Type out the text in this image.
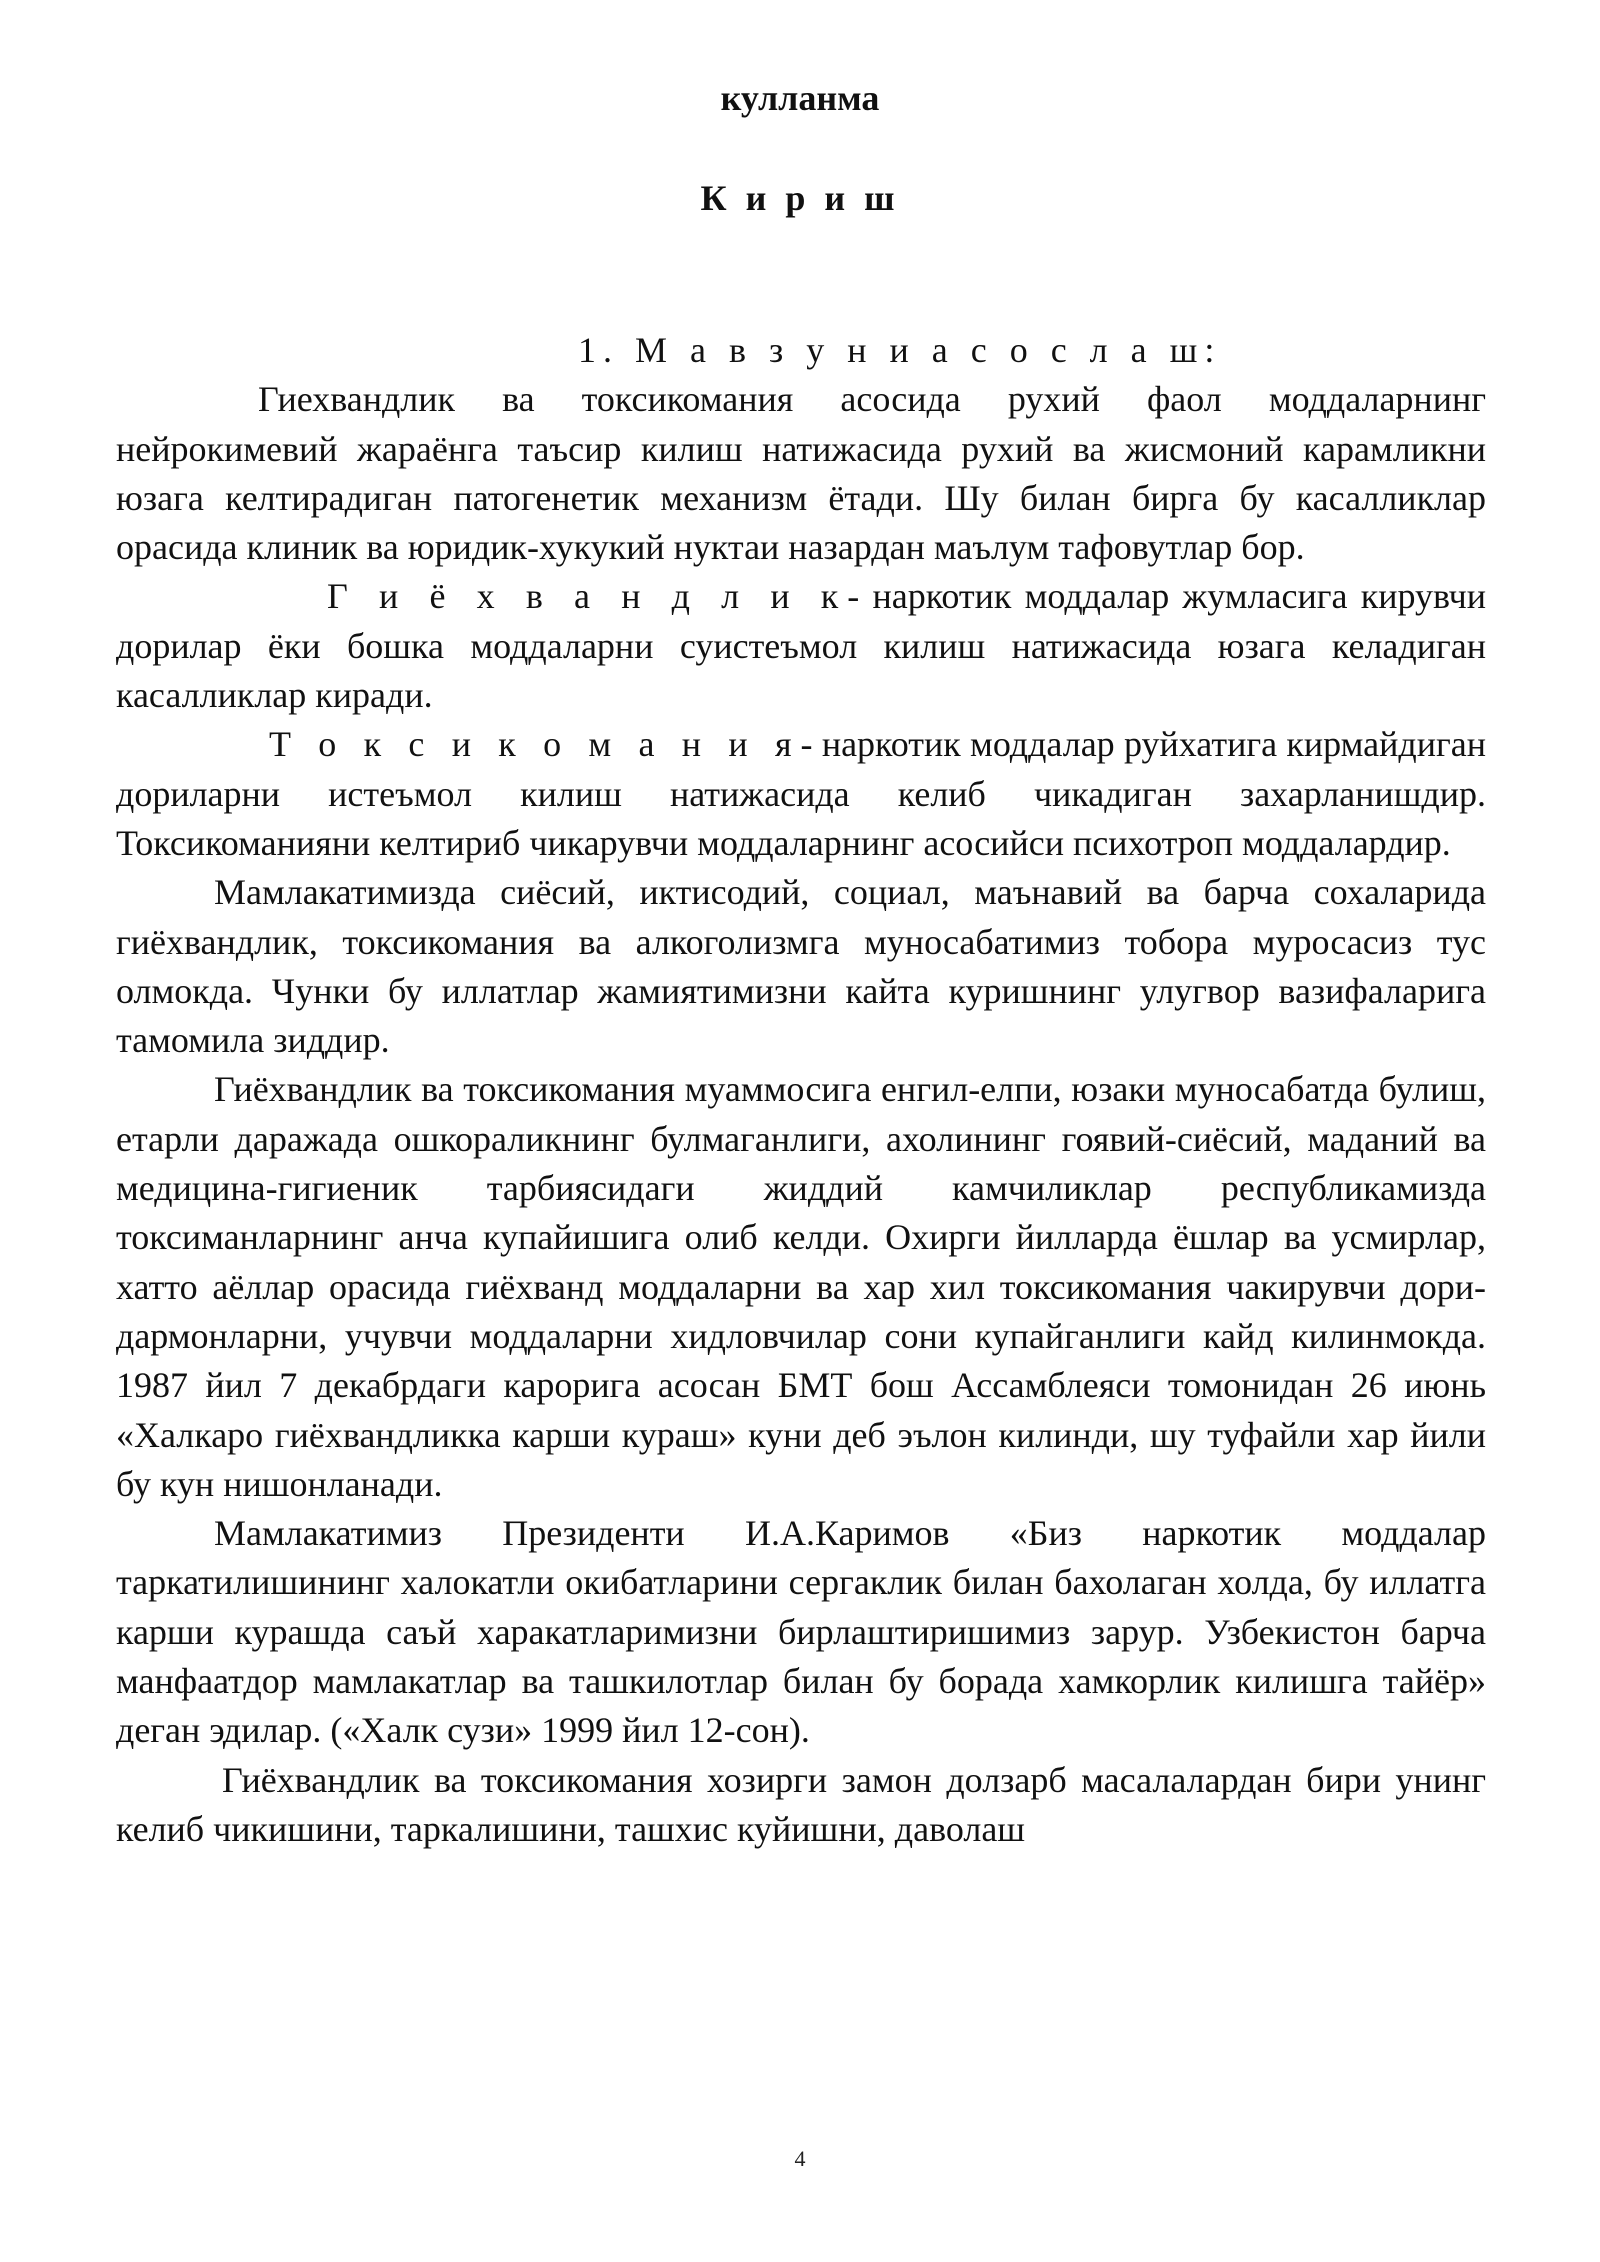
кулланма
К и р и ш
1. М а в з у н и а с о с л а ш:

Гиехвандлик ва токсикомания асосида рухий фаол моддаларнинг нейрокимевий жараёнга таъсир килиш натижасида рухий ва жисмоний карамликни юзага келтирадиган патогенетик механизм ётади. Шу билан бирга бу касалликлар орасида клиник ва юридик-хукукий нуктаи назардан маълум тафовутлар бор.

Г и ё х в а н д л и к- наркотик моддалар жумласига кирувчи дорилар ёки бошка моддаларни суистеъмол килиш натижасида юзага келадиган касалликлар киради.

Т о к с и к о м а н и я- наркотик моддалар руйхатига кирмайдиган дориларни истеъмол килиш натижасида келиб чикадиган захарланишдир. Токсикоманияни келтириб чикарувчи моддаларнинг асосийси психотроп моддалардир.

Мамлакатимизда сиёсий, иктисодий, социал, маънавий ва барча сохаларида гиёхвандлик, токсикомания ва алкоголизмга муносабатимиз тобора муросасиз тус олмокда. Чунки бу иллатлар жамиятимизни кайта куришнинг улугвор вазифаларига тамомила зиддир.

Гиёхвандлик ва токсикомания муаммосига енгил-елпи, юзаки муносабатда булиш, етарли даражада ошкораликнинг булмаганлиги, ахолининг гоявий-сиёсий, маданий ва медицина-гигиеник тарбиясидаги жиддий камчиликлар республикамизда токсиманларнинг анча купайишига олиб келди. Охирги йилларда ёшлар ва усмирлар, хатто аёллар орасида гиёхванд моддаларни ва хар хил токсикомания чакирувчи дори-дармонларни, учувчи моддаларни хидловчилар сони купайганлиги кайд килинмокда. 1987 йил 7 декабрдаги карорига асосан БМТ бош Ассамблеяси томонидан 26 июнь «Халкаро гиёхвандликка карши кураш» куни деб эълон килинди, шу туфайли хар йили бу кун нишонланади.

Мамлакатимиз Президенти И.А.Каримов «Биз наркотик моддалар таркатилишининг халокатли окибатларини сергаклик билан бахолаган холда, бу иллатга карши курашда саъй харакатларимизни бирлаштиришимиз зарур. Узбекистон барча манфаатдор мамлакатлар ва ташкилотлар билан бу борада хамкорлик килишга тайёр» деган эдилар. («Халк сузи» 1999 йил 12-сон).

Гиёхвандлик ва токсикомания хозирги замон долзарб масалалардан бири унинг келиб чикишини, таркалишини, ташхис куйишни, даволаш

4
